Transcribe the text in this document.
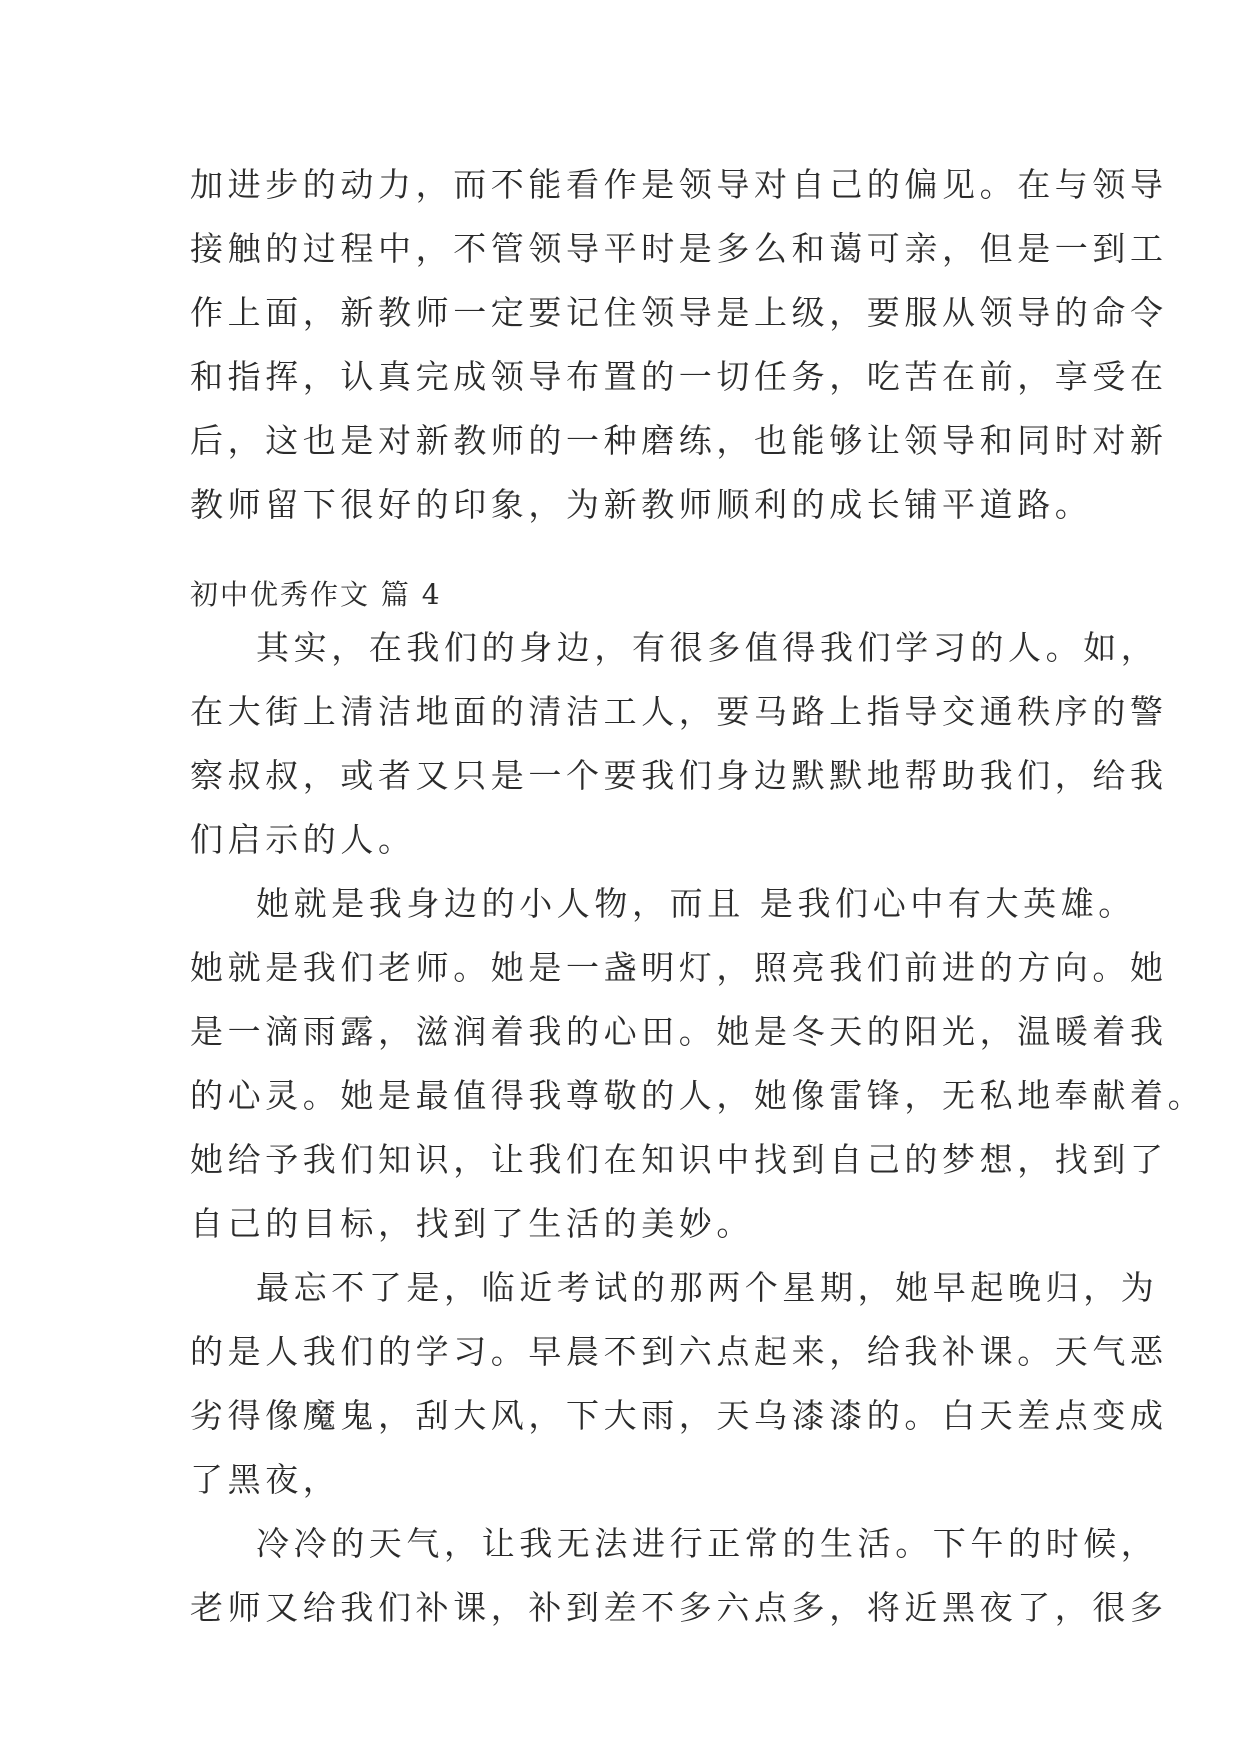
加进步的动力，而不能看作是领导对自己的偏见。在与领导
接触的过程中，不管领导平时是多么和蔼可亲，但是一到工
作上面，新教师一定要记住领导是上级，要服从领导的命令
和指挥，认真完成领导布置的一切任务，吃苦在前，享受在
后，这也是对新教师的一种磨练，也能够让领导和同时对新
教师留下很好的印象，为新教师顺利的成长铺平道路。
初中优秀作文 篇 4
其实，在我们的身边，有很多值得我们学习的人。如，
在大街上清洁地面的清洁工人，要马路上指导交通秩序的警
察叔叔，或者又只是一个要我们身边默默地帮助我们，给我
们启示的人。
她就是我身边的小人物，而且 是我们心中有大英雄。
她就是我们老师。她是一盏明灯，照亮我们前进的方向。她
是一滴雨露，滋润着我的心田。她是冬天的阳光，温暖着我
的心灵。她是最值得我尊敬的人，她像雷锋，无私地奉献着。
她给予我们知识，让我们在知识中找到自己的梦想，找到了
自己的目标，找到了生活的美妙。
最忘不了是，临近考试的那两个星期，她早起晚归，为
的是人我们的学习。早晨不到六点起来，给我补课。天气恶
劣得像魔鬼，刮大风，下大雨，天乌漆漆的。白天差点变成
了黑夜，
冷冷的天气，让我无法进行正常的生活。下午的时候，
老师又给我们补课，补到差不多六点多，将近黑夜了，很多
